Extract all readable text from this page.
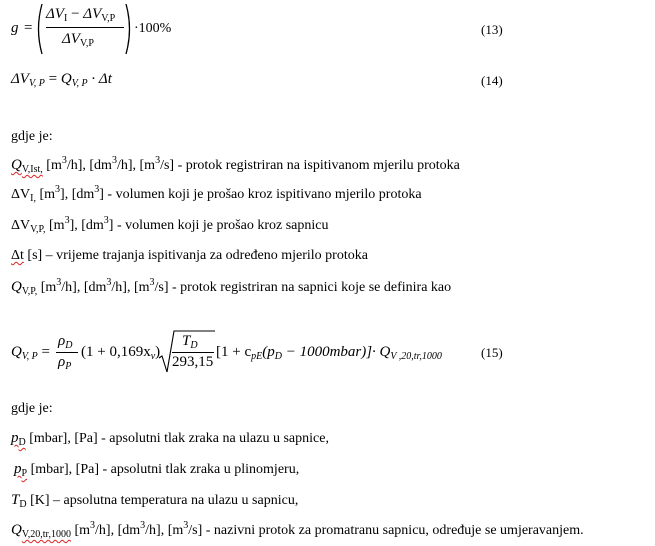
g =
$\Delta V_I - \Delta V_{V,P}$
$\Delta V_{V,P}$
·100%	(13)
$\Delta V_{V, P} = Q_{V, P} \cdot \Delta t$	(14)
gdje je:
$Q_{V,Ist,}$ $[m^3/h]$, $[dm^3/h]$, $[m^3/s]$ - protok registriran na ispitivanom mjerilu protoka
$\Delta V_{I,}$ $[m^3]$, $[dm^3]$ - volumen koji je prošao kroz ispitivano mjerilo protoka
$\Delta V_{V,P,}$ $[m^3]$, $[dm^3]$ - volumen koji je prošao kroz sapnicu
Δt [s] – vrijeme trajanja ispitivanja za određeno mjerilo protoka
$Q_{V,P,}$ $[m^3/h]$, $[dm^3/h]$, $[m^3/s]$ - protok registriran na sapnici koje se definira kao
$Q_{V, P}$ =
$\rho_D$
$\rho_P$
$(1 + 0,169x_v)$
$T_D$
293,15
[$1 + c_{pE}(p_D$ − 1000mbar)] · $Q_{V ,20,tr,1000}$	(15)
gdje je:
$p_D$ [mbar], [Pa] - apsolutni tlak zraka na ulazu u sapnice,
$p_P$ [mbar], [Pa] - apsolutni tlak zraka u plinomjeru,
$T_D$ [K] – apsolutna temperatura na ulazu u sapnicu,
$Q_{V,20,tr,1000}$ $[m^3/h]$, $[dm^3/h]$, $[m^3/s]$ - nazivni protok za promatranu sapnicu, određuje se umjeravanjem.
